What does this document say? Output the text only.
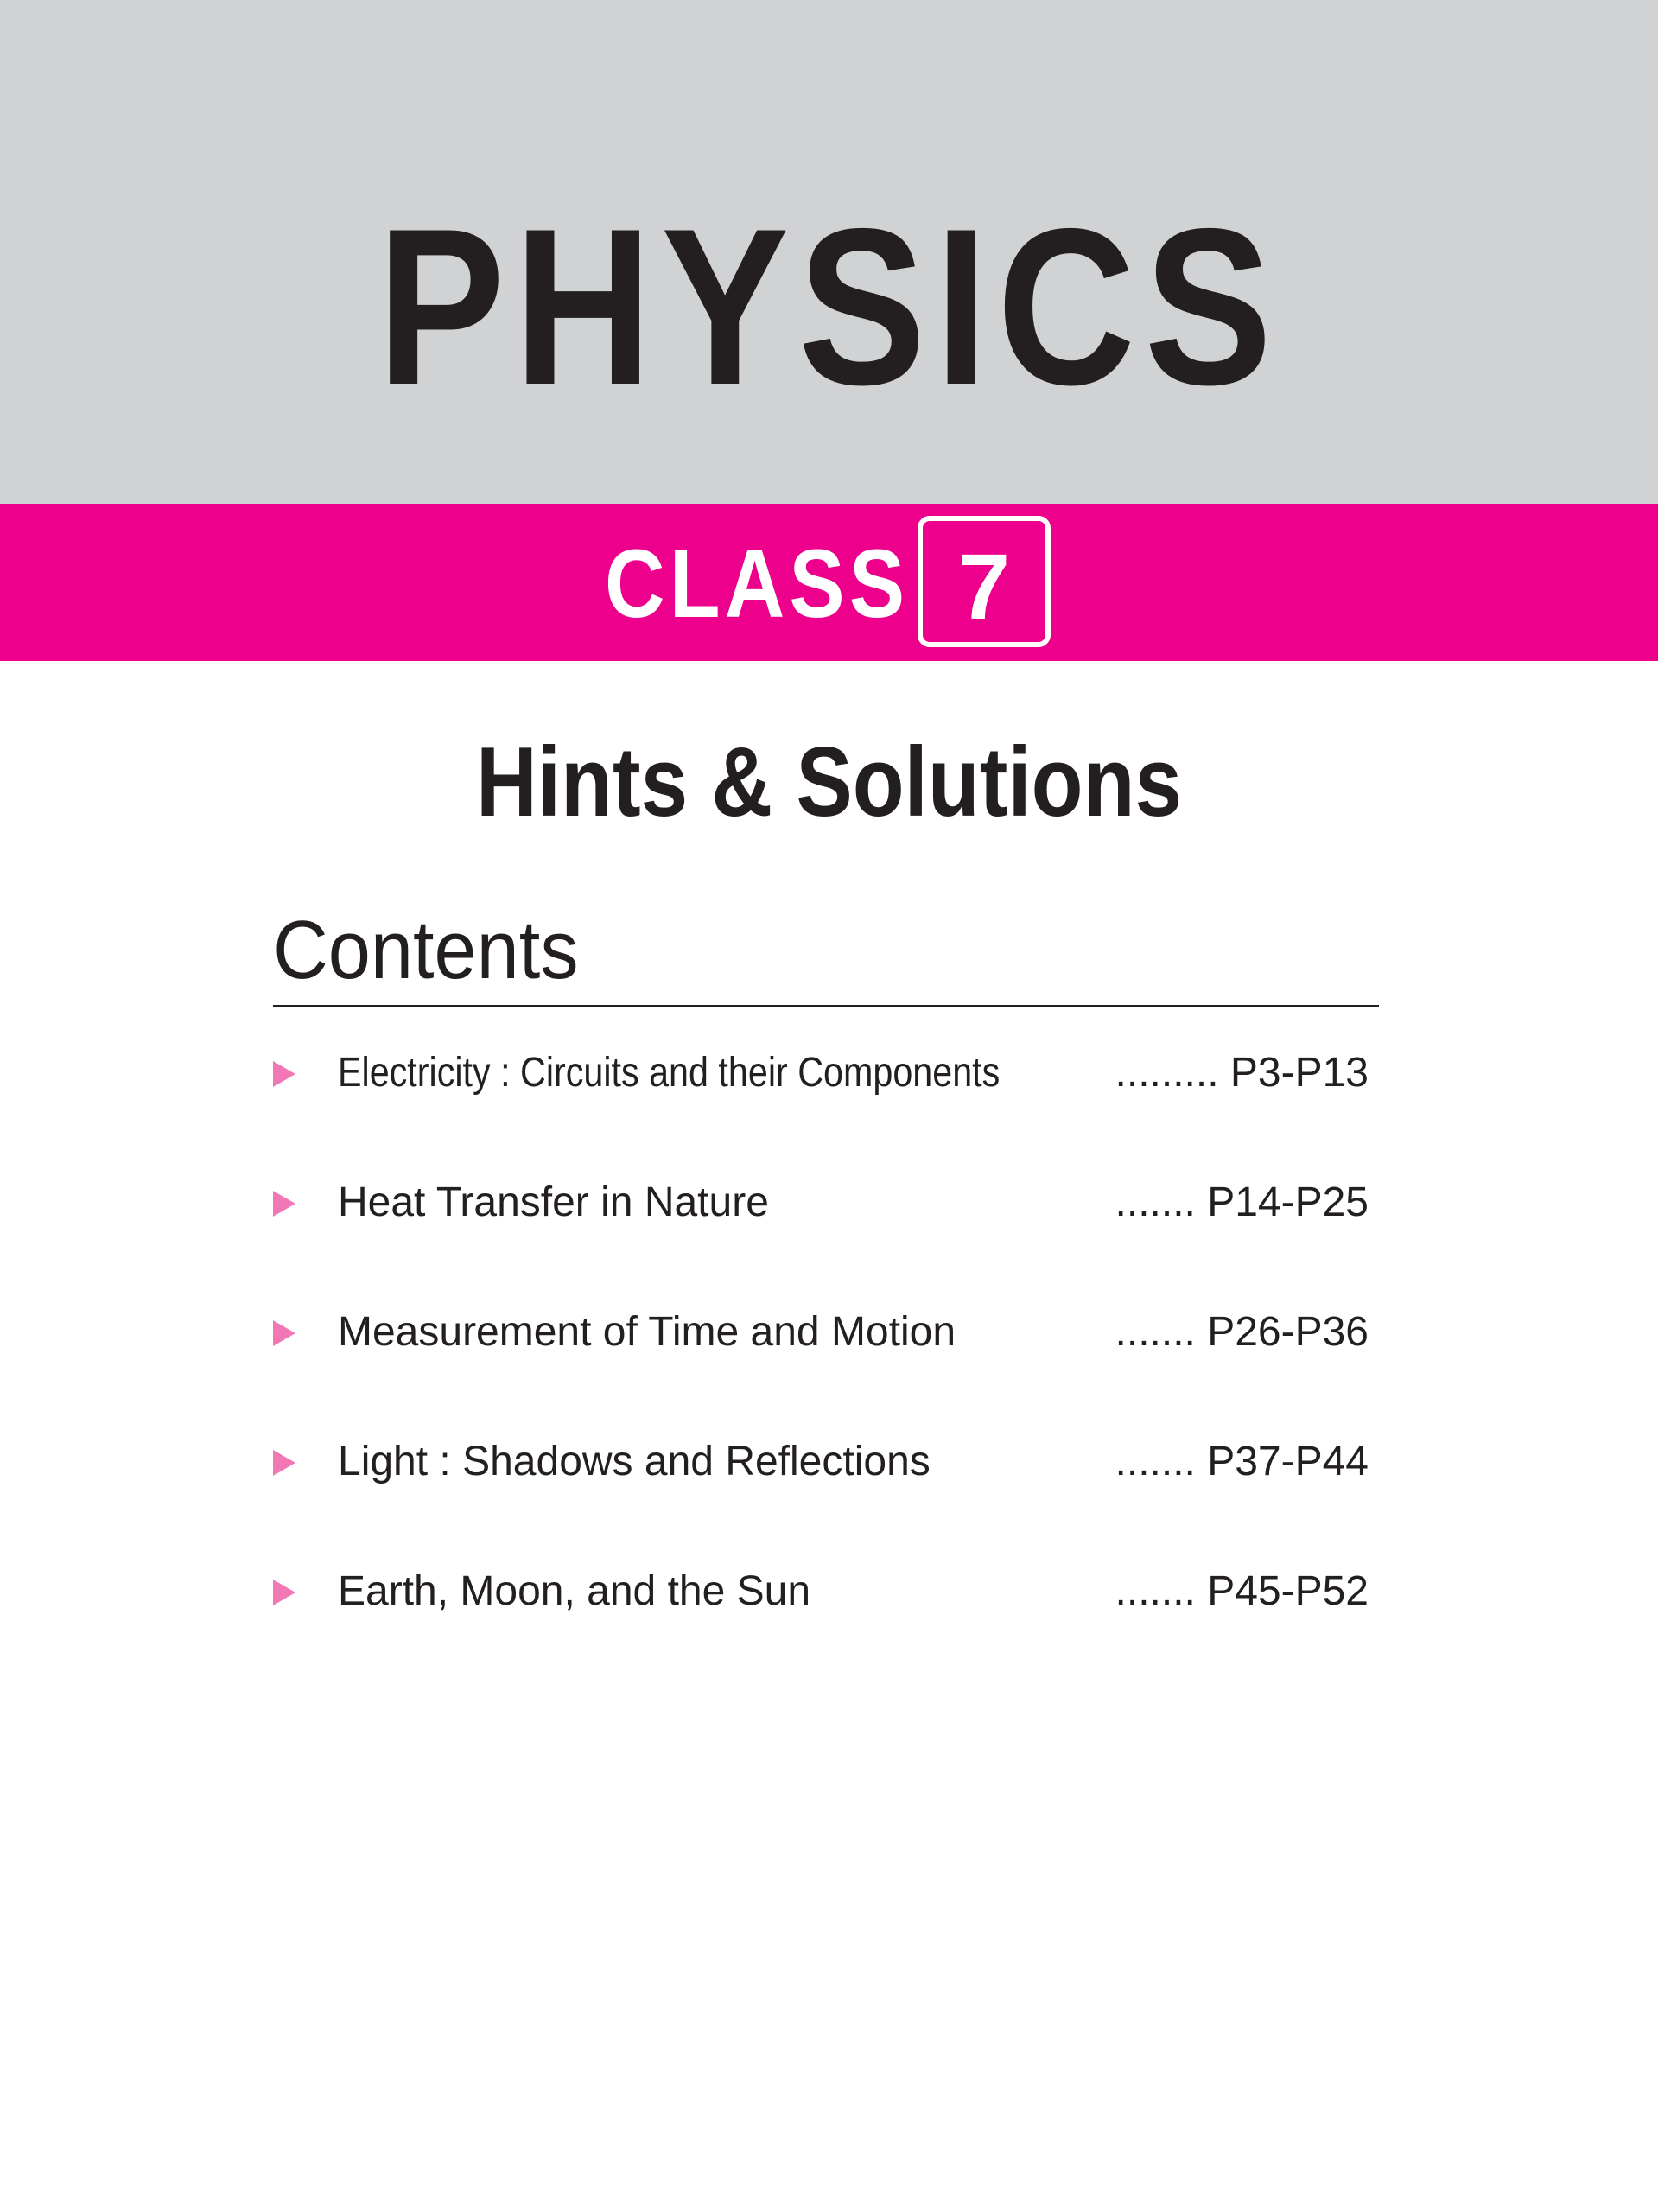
PHYSICS
CLASS 7
Hints & Solutions
Contents
Electricity : Circuits and their Components	......... P3-P13
Heat Transfer in Nature	....... P14-P25
Measurement of Time and Motion	....... P26-P36
Light : Shadows and Reflections	....... P37-P44
Earth, Moon, and the Sun	....... P45-P52
